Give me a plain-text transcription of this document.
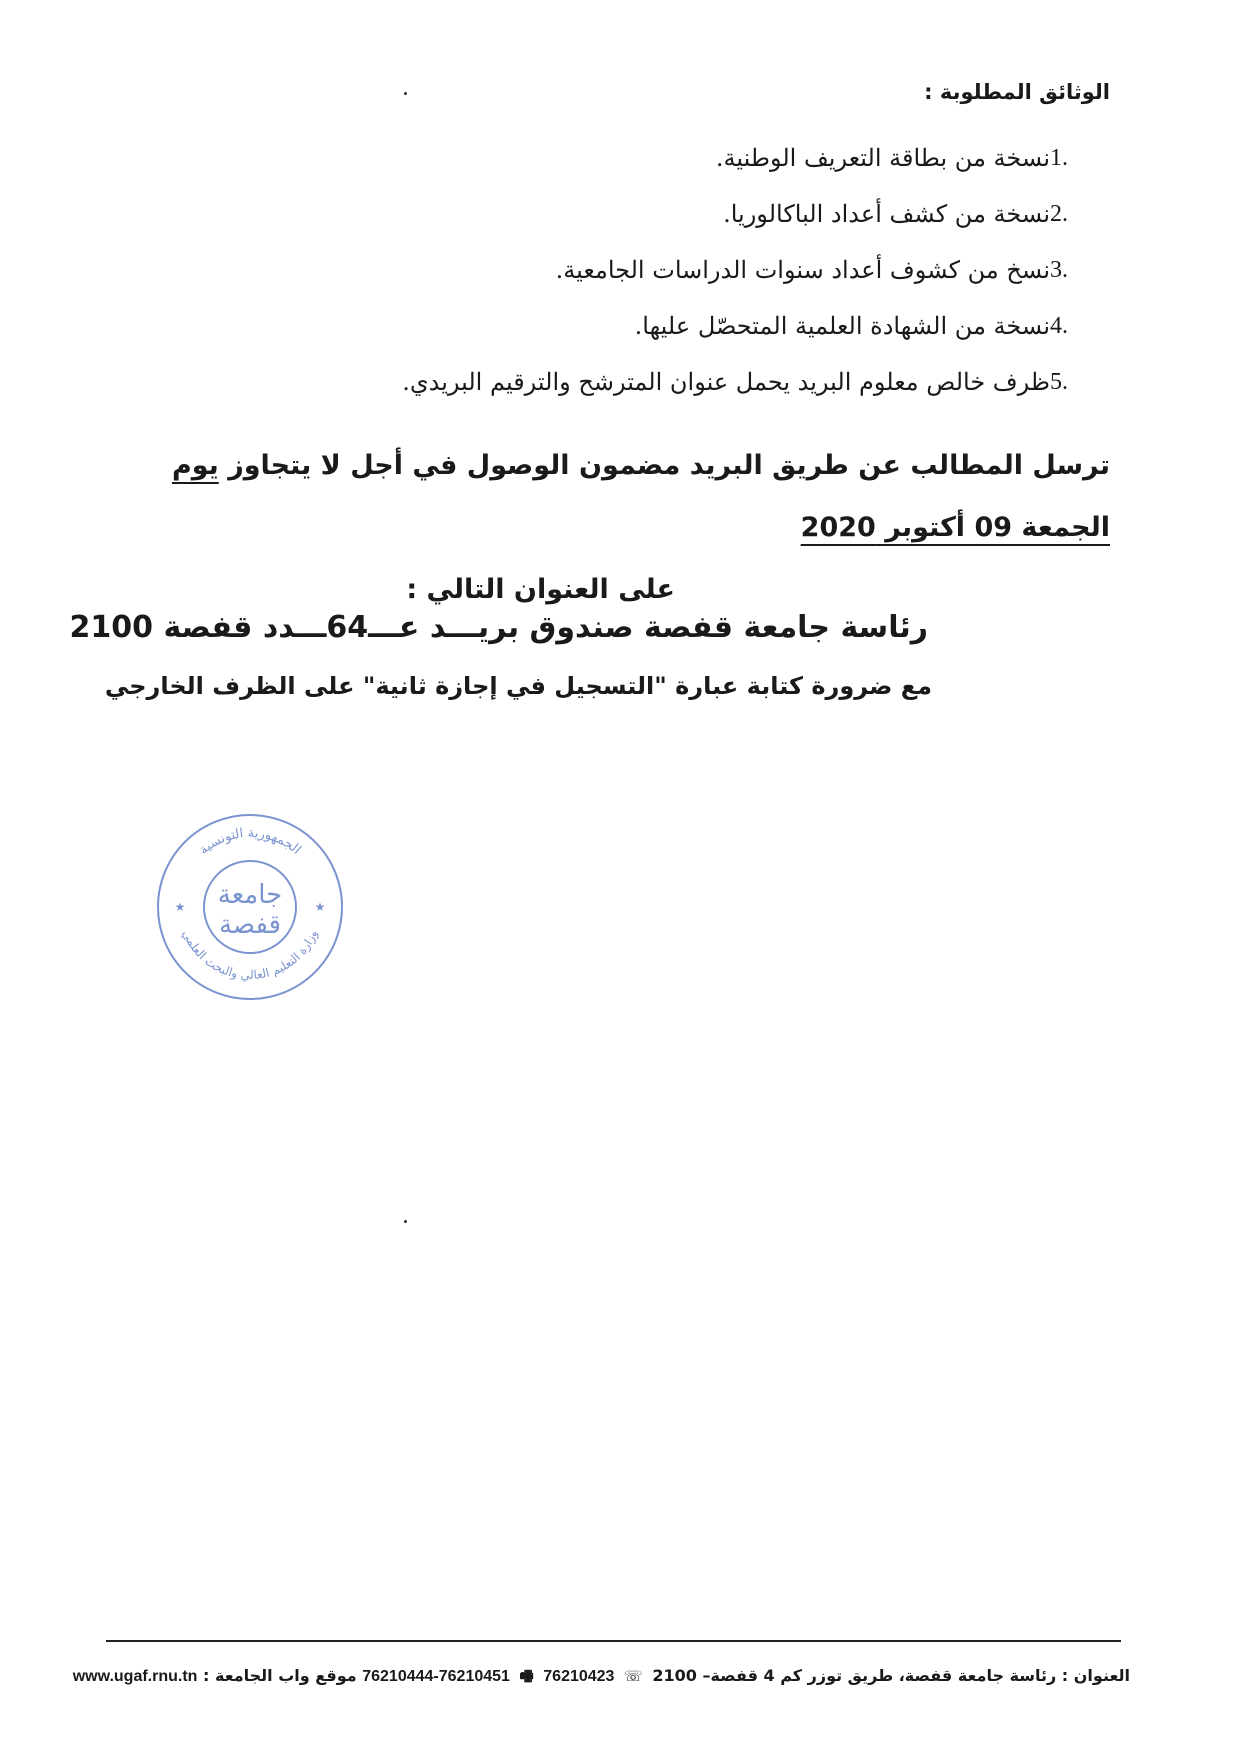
الوثائق المطلوبة :
.1
نسخة من بطاقة التعريف الوطنية.
.2
نسخة من كشف أعداد الباكالوريا.
.3
نسخ من كشوف أعداد سنوات الدراسات الجامعية.
.4
نسخة من الشهادة العلمية المتحصّل عليها.
.5
ظرف خالص معلوم البريد يحمل عنوان المترشح والترقيم البريدي.
ترسل المطالب عن طريق البريد مضمون الوصول في أجل لا يتجاوز يوم الجمعة 09 أكتوبر 2020
على العنوان التالي :
رئاسة جامعة قفصة صندوق بريـــد عـــ64ـــدد قفصة 2100
مع ضرورة كتابة عبارة "التسجيل في إجازة ثانية" على الظرف الخارجي
الجمهورية التونسية
وزارة التعليم العالي والبحث العلمي
★	★
جامعة
قفصة
العنوان : رئاسة جامعة قفصة، طريق توزر كم 4 قفصة– 2100 ☏ 76210444-76210451 🖷 76210423 موقع واب الجامعة : www.ugaf.rnu.tn
